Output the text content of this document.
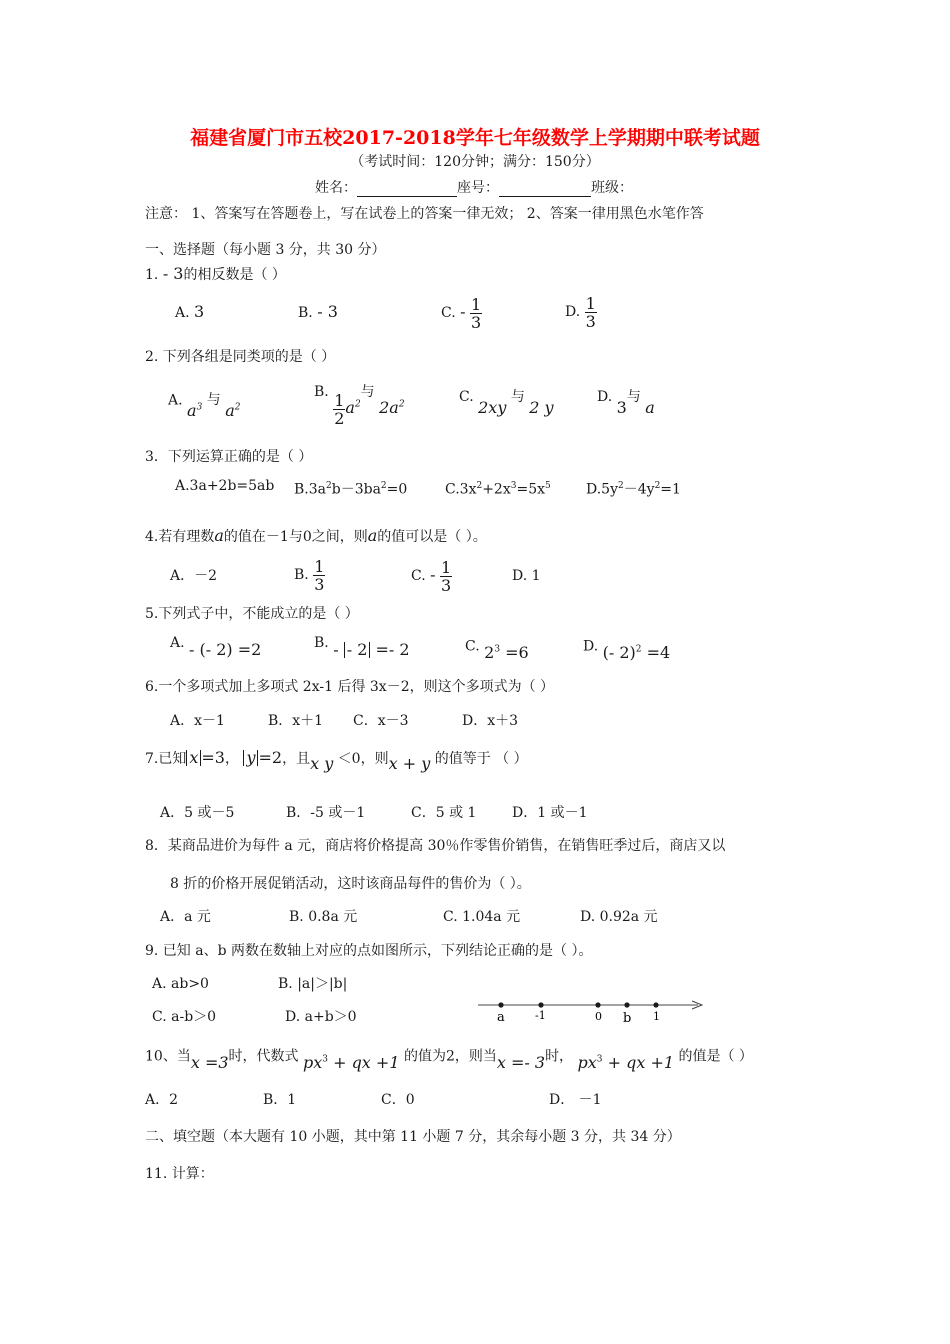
福建省厦门市五校2017-2018学年七年级数学上学期期中联考试题
（考试时间：120分钟；满分：150分）
姓名：	座号：	班级：
注意： 1、答案写在答题卷上，写在试卷上的答案一律无效； 2、答案一律用黑色水笔作答
一、选择题（每小题 3 分，共 30 分）
1. - 3的相反数是（ ）
A. 3	B. - 3	C. - $\frac{1}{3}$	D. $\frac{1}{3}$
2. 下列各组是同类项的是（ ）
A. $a^3$ 与 $a^2$
B. $\frac{1}{2} a^2$与 $2a^2$	C. 2xy 与 2 y
D. 3与 a
3．下列运算正确的是（ ）
A.3a+2b=5ab $B.3a^2b-3ba^2=0$	$C.3x^2+2x^3=5x^5$	$D.5y^2-4y^2=1$
4.若有理数a的值在－1与0之间，则a的值可以是（ ）。
A．－2	B. $\frac{1}{3}$	C. - $\frac{1}{3}$	D. 1
5.下列式子中，不能成立的是（ ）
A. - (- 2) =2	B. - - 2 =- 2	C. $2^3 =6$	D. (- 2)$^2$ =4
6.一个多项式加上多项式 2x-1 后得 3x－2，则这个多项式为（ ）
A．x－1	B．x＋1 C．x－3	D．x＋3
7.已知 x =3， y =2，且x y ＜0，则x + y 的值等于 （ ）
A．5 或－5	B．-5 或－1	C．5 或 1	D．1 或－1
8．某商品进价为每件 a 元，商店将价格提高 30％作零售价销售，在销售旺季过后，商店又以
8 折的价格开展促销活动，这时该商品每件的售价为（ ）。
A．a 元	B. 0.8a 元	C. 1.04a 元	D. 0.92a 元
9. 已知 a、b 两数在数轴上对应的点如图所示，下列结论正确的是（ ）。
A. ab>0	B. |a|＞|b|
C. a-b＞0	D. a+b＞0	a	-1	0 b 1
10、当x =3时，代数式 $px^3$ + qx +1 的值为2，则当x =- 3时， $px^3$ + qx +1 的值是（ ）
A．2	B．1	C．0	D． －1
二、填空题（本大题有 10 小题，其中第 11 小题 7 分，其余每小题 3 分，共 34 分）
11. 计算：
